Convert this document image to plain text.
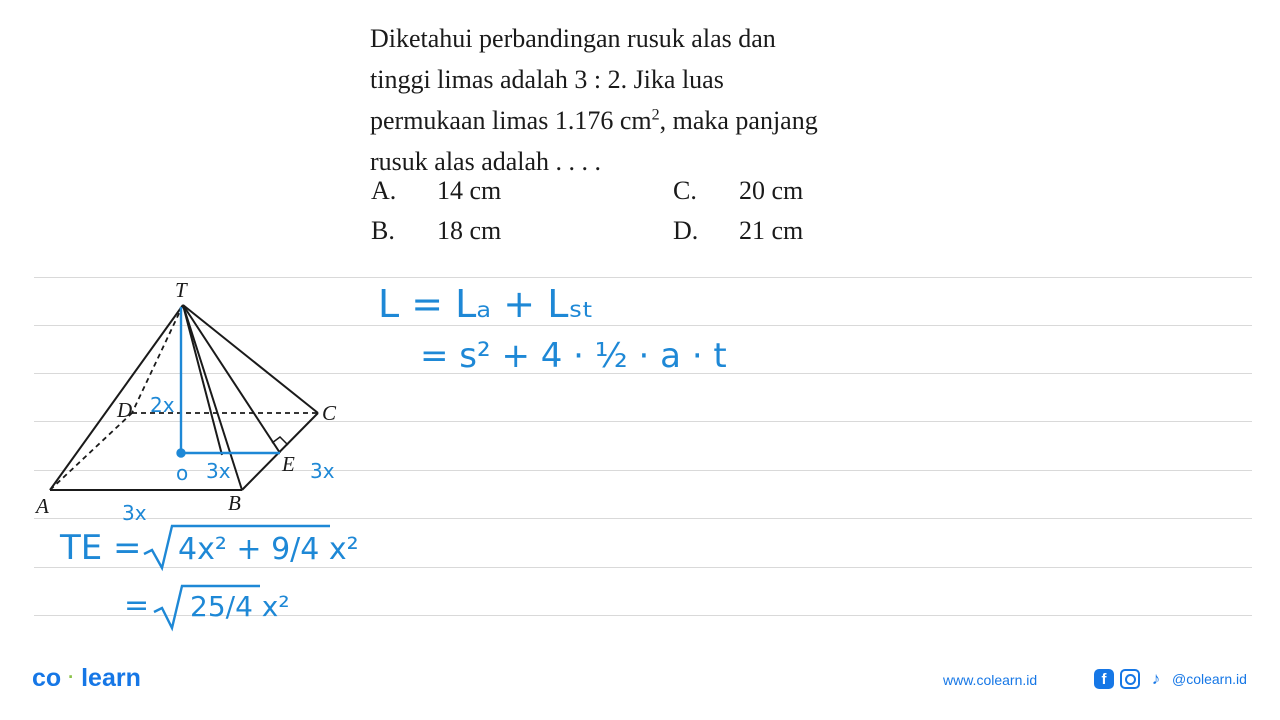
Diketahui perbandingan rusuk alas dan

tinggi limas adalah 3 : 2. Jika luas

permukaan limas 1.176 $cm^2$, maka panjang

rusuk alas adalah . . . .

A. 14 cm
B. 18 cm
C. 20 cm
D. 21 cm
T
D	C
E
A	B
2x
o 3x	3x
3x
L = Lₐ + Lₛₜ
= s² + 4 · ½ · a · t
TE = 4x² + 9/4 x²
= 25/4 x²
co · learn	www.colearn.id	f	♪ @colearn.id
